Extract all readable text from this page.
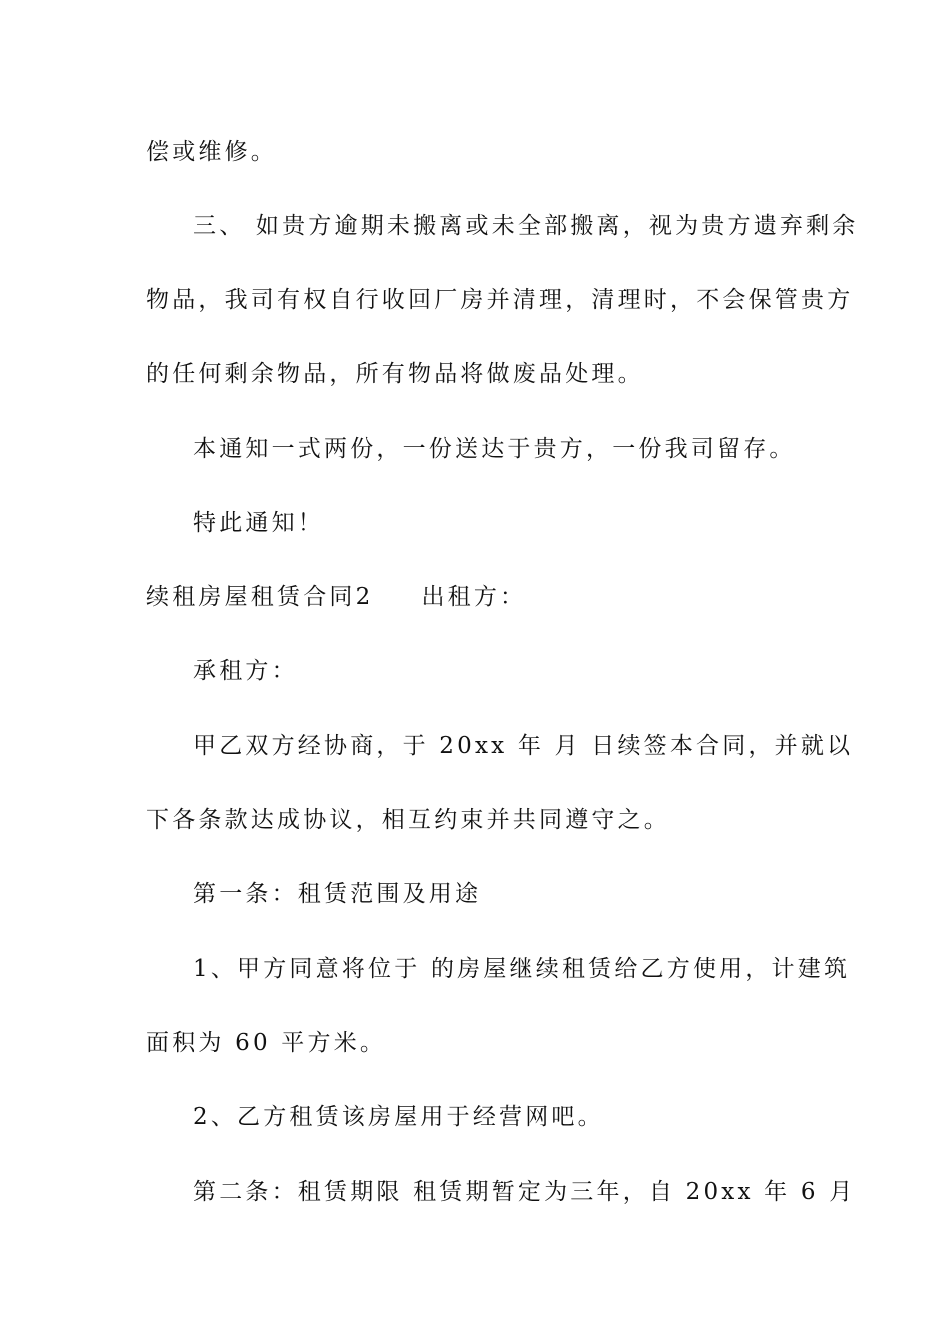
偿或维修。
三、 如贵方逾期未搬离或未全部搬离，视为贵方遗弃剩余
物品，我司有权自行收回厂房并清理，清理时，不会保管贵方
的任何剩余物品，所有物品将做废品处理。
本通知一式两份，一份送达于贵方，一份我司留存。
特此通知！
续租房屋租赁合同2 出租方：
承租方：
甲乙双方经协商，于 20xx 年 月 日续签本合同，并就以
下各条款达成协议，相互约束并共同遵守之。
第一条：租赁范围及用途
1、甲方同意将位于 的房屋继续租赁给乙方使用，计建筑
面积为 60 平方米。
2、乙方租赁该房屋用于经营网吧。
第二条：租赁期限 租赁期暂定为三年，自 20xx 年 6 月
